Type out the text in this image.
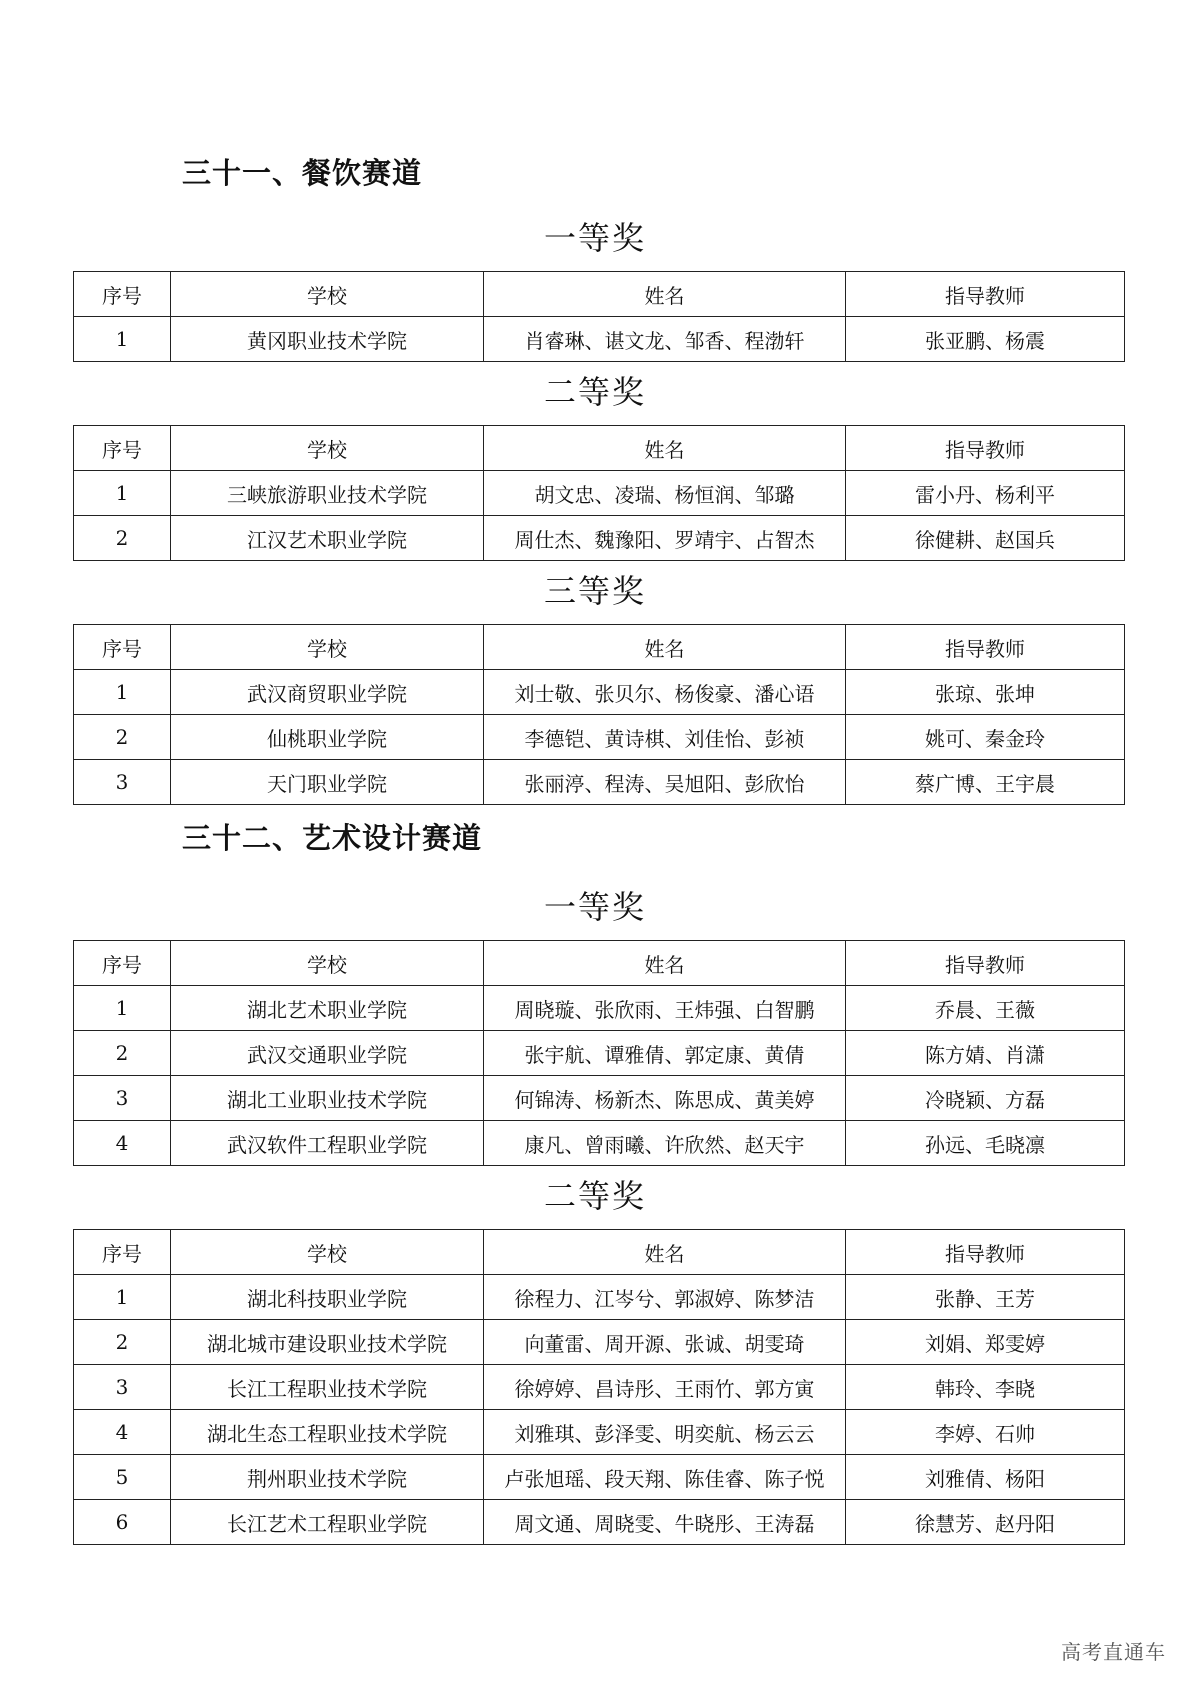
三十一、餐饮赛道
一等奖
序号	学校	姓名	指导教师
1	黄冈职业技术学院	肖睿琳、谌文龙、邹香、程渤轩	张亚鹏、杨震
二等奖
序号	学校	姓名	指导教师
1	三峡旅游职业技术学院	胡文忠、凌瑞、杨恒润、邹璐	雷小丹、杨利平
2	江汉艺术职业学院	周仕杰、魏豫阳、罗靖宇、占智杰	徐健耕、赵国兵
三等奖
序号	学校	姓名	指导教师
1	武汉商贸职业学院	刘士敬、张贝尔、杨俊豪、潘心语	张琼、张坤
2	仙桃职业学院	李德铠、黄诗棋、刘佳怡、彭祯	姚可、秦金玲
3	天门职业学院	张丽渟、程涛、吴旭阳、彭欣怡	蔡广博、王宇晨
三十二、艺术设计赛道
一等奖
序号	学校	姓名	指导教师
1	湖北艺术职业学院	周晓璇、张欣雨、王炜强、白智鹏	乔晨、王薇
2	武汉交通职业学院	张宇航、谭雅倩、郭定康、黄倩	陈方婧、肖潇
3	湖北工业职业技术学院	何锦涛、杨新杰、陈思成、黄美婷	冷晓颖、方磊
4	武汉软件工程职业学院	康凡、曾雨曦、许欣然、赵天宇	孙远、毛晓凛
二等奖
序号	学校	姓名	指导教师
1	湖北科技职业学院	徐程力、江岑兮、郭淑婷、陈梦洁	张静、王芳
2	湖北城市建设职业技术学院	向董雷、周开源、张诚、胡雯琦	刘娟、郑雯婷
3	长江工程职业技术学院	徐婷婷、昌诗彤、王雨竹、郭方寅	韩玲、李晓
4	湖北生态工程职业技术学院	刘雅琪、彭泽雯、明奕航、杨云云	李婷、石帅
5	荆州职业技术学院	卢张旭瑶、段天翔、陈佳睿、陈子悦	刘雅倩、杨阳
6	长江艺术工程职业学院	周文通、周晓雯、牛晓彤、王涛磊	徐慧芳、赵丹阳
高考直通车
